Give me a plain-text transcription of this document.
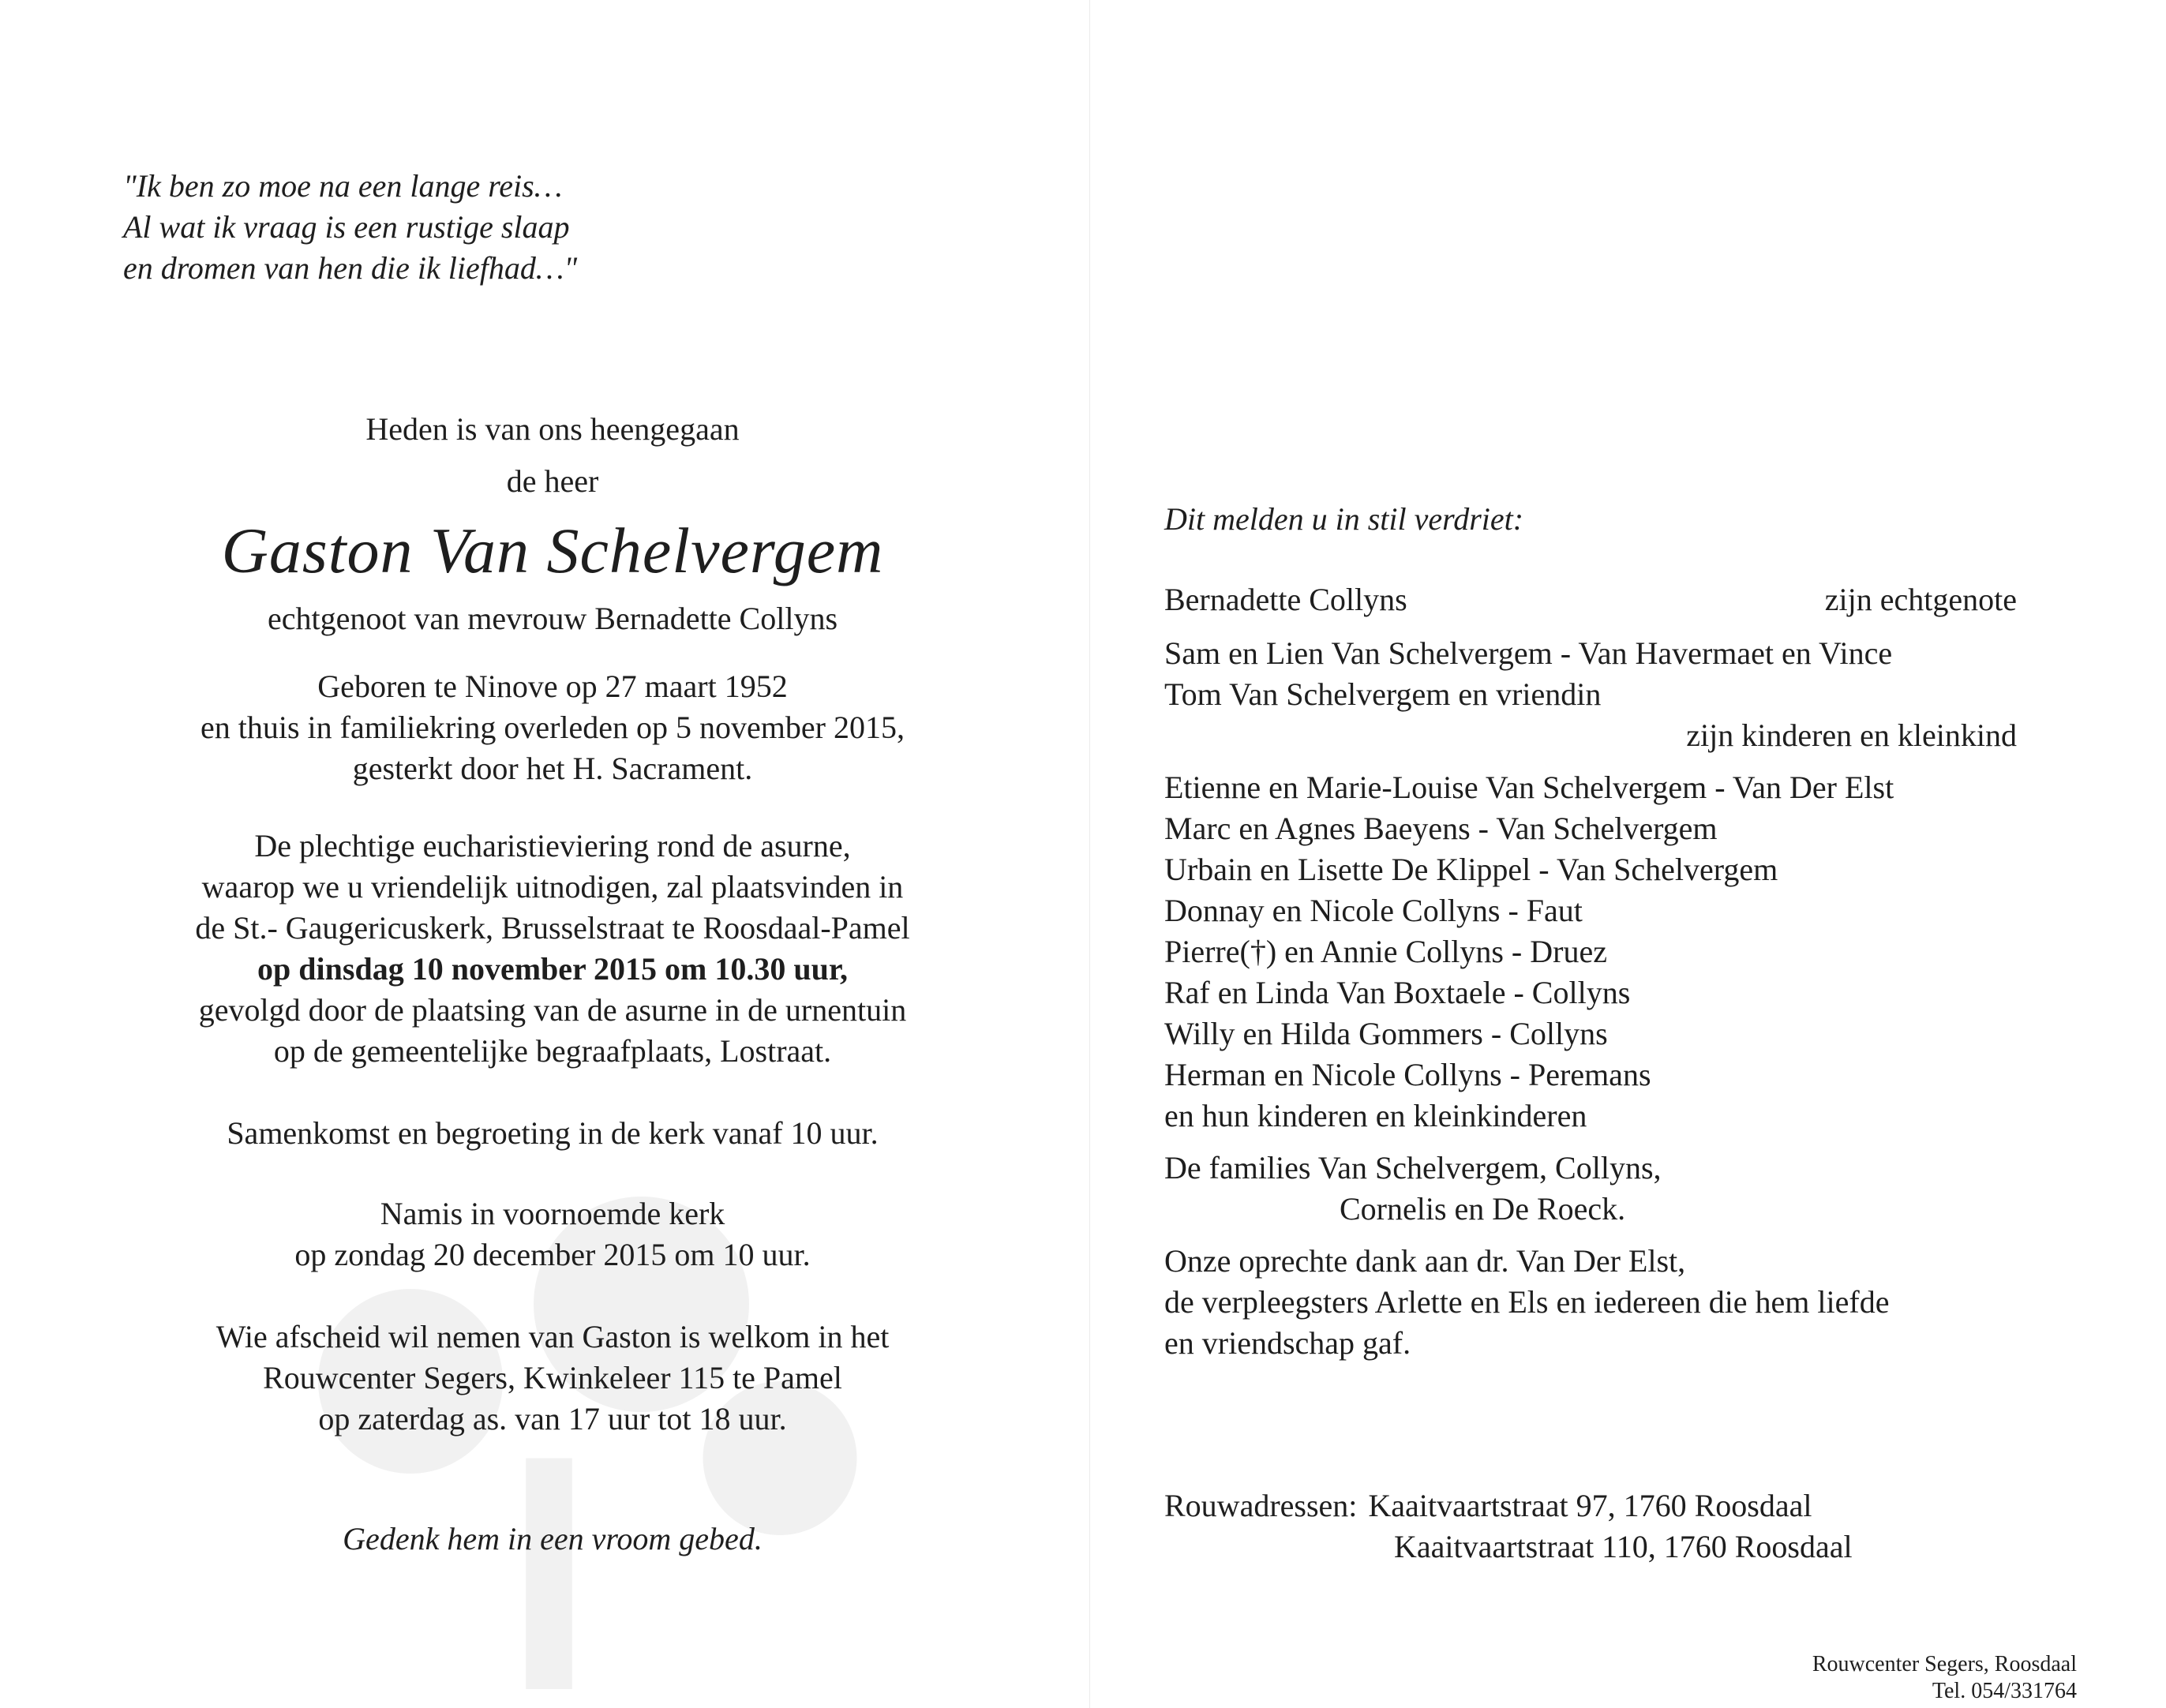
"Ik ben zo moe na een lange reis…
Al wat ik vraag is een rustige slaap
en dromen van hen die ik liefhad…"
Heden is van ons heengegaan
de heer
Gaston Van Schelvergem
echtgenoot van mevrouw Bernadette Collyns
Geboren te Ninove op 27 maart 1952
en thuis in familiekring overleden op 5 november 2015,
gesterkt door het H. Sacrament.
De plechtige eucharistieviering rond de asurne,
waarop we u vriendelijk uitnodigen, zal plaatsvinden in
de St.- Gaugericuskerk, Brusselstraat te Roosdaal-Pamel
op dinsdag 10 november 2015 om 10.30 uur,
gevolgd door de plaatsing van de asurne in de urnentuin
op de gemeentelijke begraafplaats, Lostraat.
Samenkomst en begroeting in de kerk vanaf 10 uur.
Namis in voornoemde kerk
op zondag 20 december 2015 om 10 uur.
Wie afscheid wil nemen van Gaston is welkom in het
Rouwcenter Segers, Kwinkeleer 115 te Pamel
op zaterdag as. van 17 uur tot 18 uur.
Gedenk hem in een vroom gebed.
Dit melden u in stil verdriet:
Bernadette Collyns	zijn echtgenote
Sam en Lien Van Schelvergem - Van Havermaet en Vince
Tom Van Schelvergem en vriendin
zijn kinderen en kleinkind
Etienne en Marie-Louise Van Schelvergem - Van Der Elst
Marc en Agnes Baeyens - Van Schelvergem
Urbain en Lisette De Klippel - Van Schelvergem
Donnay en Nicole Collyns - Faut
Pierre(†) en Annie Collyns - Druez
Raf en Linda Van Boxtaele - Collyns
Willy en Hilda Gommers - Collyns
Herman en Nicole Collyns - Peremans
en hun kinderen en kleinkinderen
De families Van Schelvergem, Collyns,
Cornelis en De Roeck.
Onze oprechte dank aan dr. Van Der Elst,
de verpleegsters Arlette en Els en iedereen die hem liefde
en vriendschap gaf.
Rouwadressen: Kaaitvaartstraat 97, 1760 Roosdaal
Kaaitvaartstraat 110, 1760 Roosdaal
Rouwcenter Segers, Roosdaal
Tel. 054/331764
